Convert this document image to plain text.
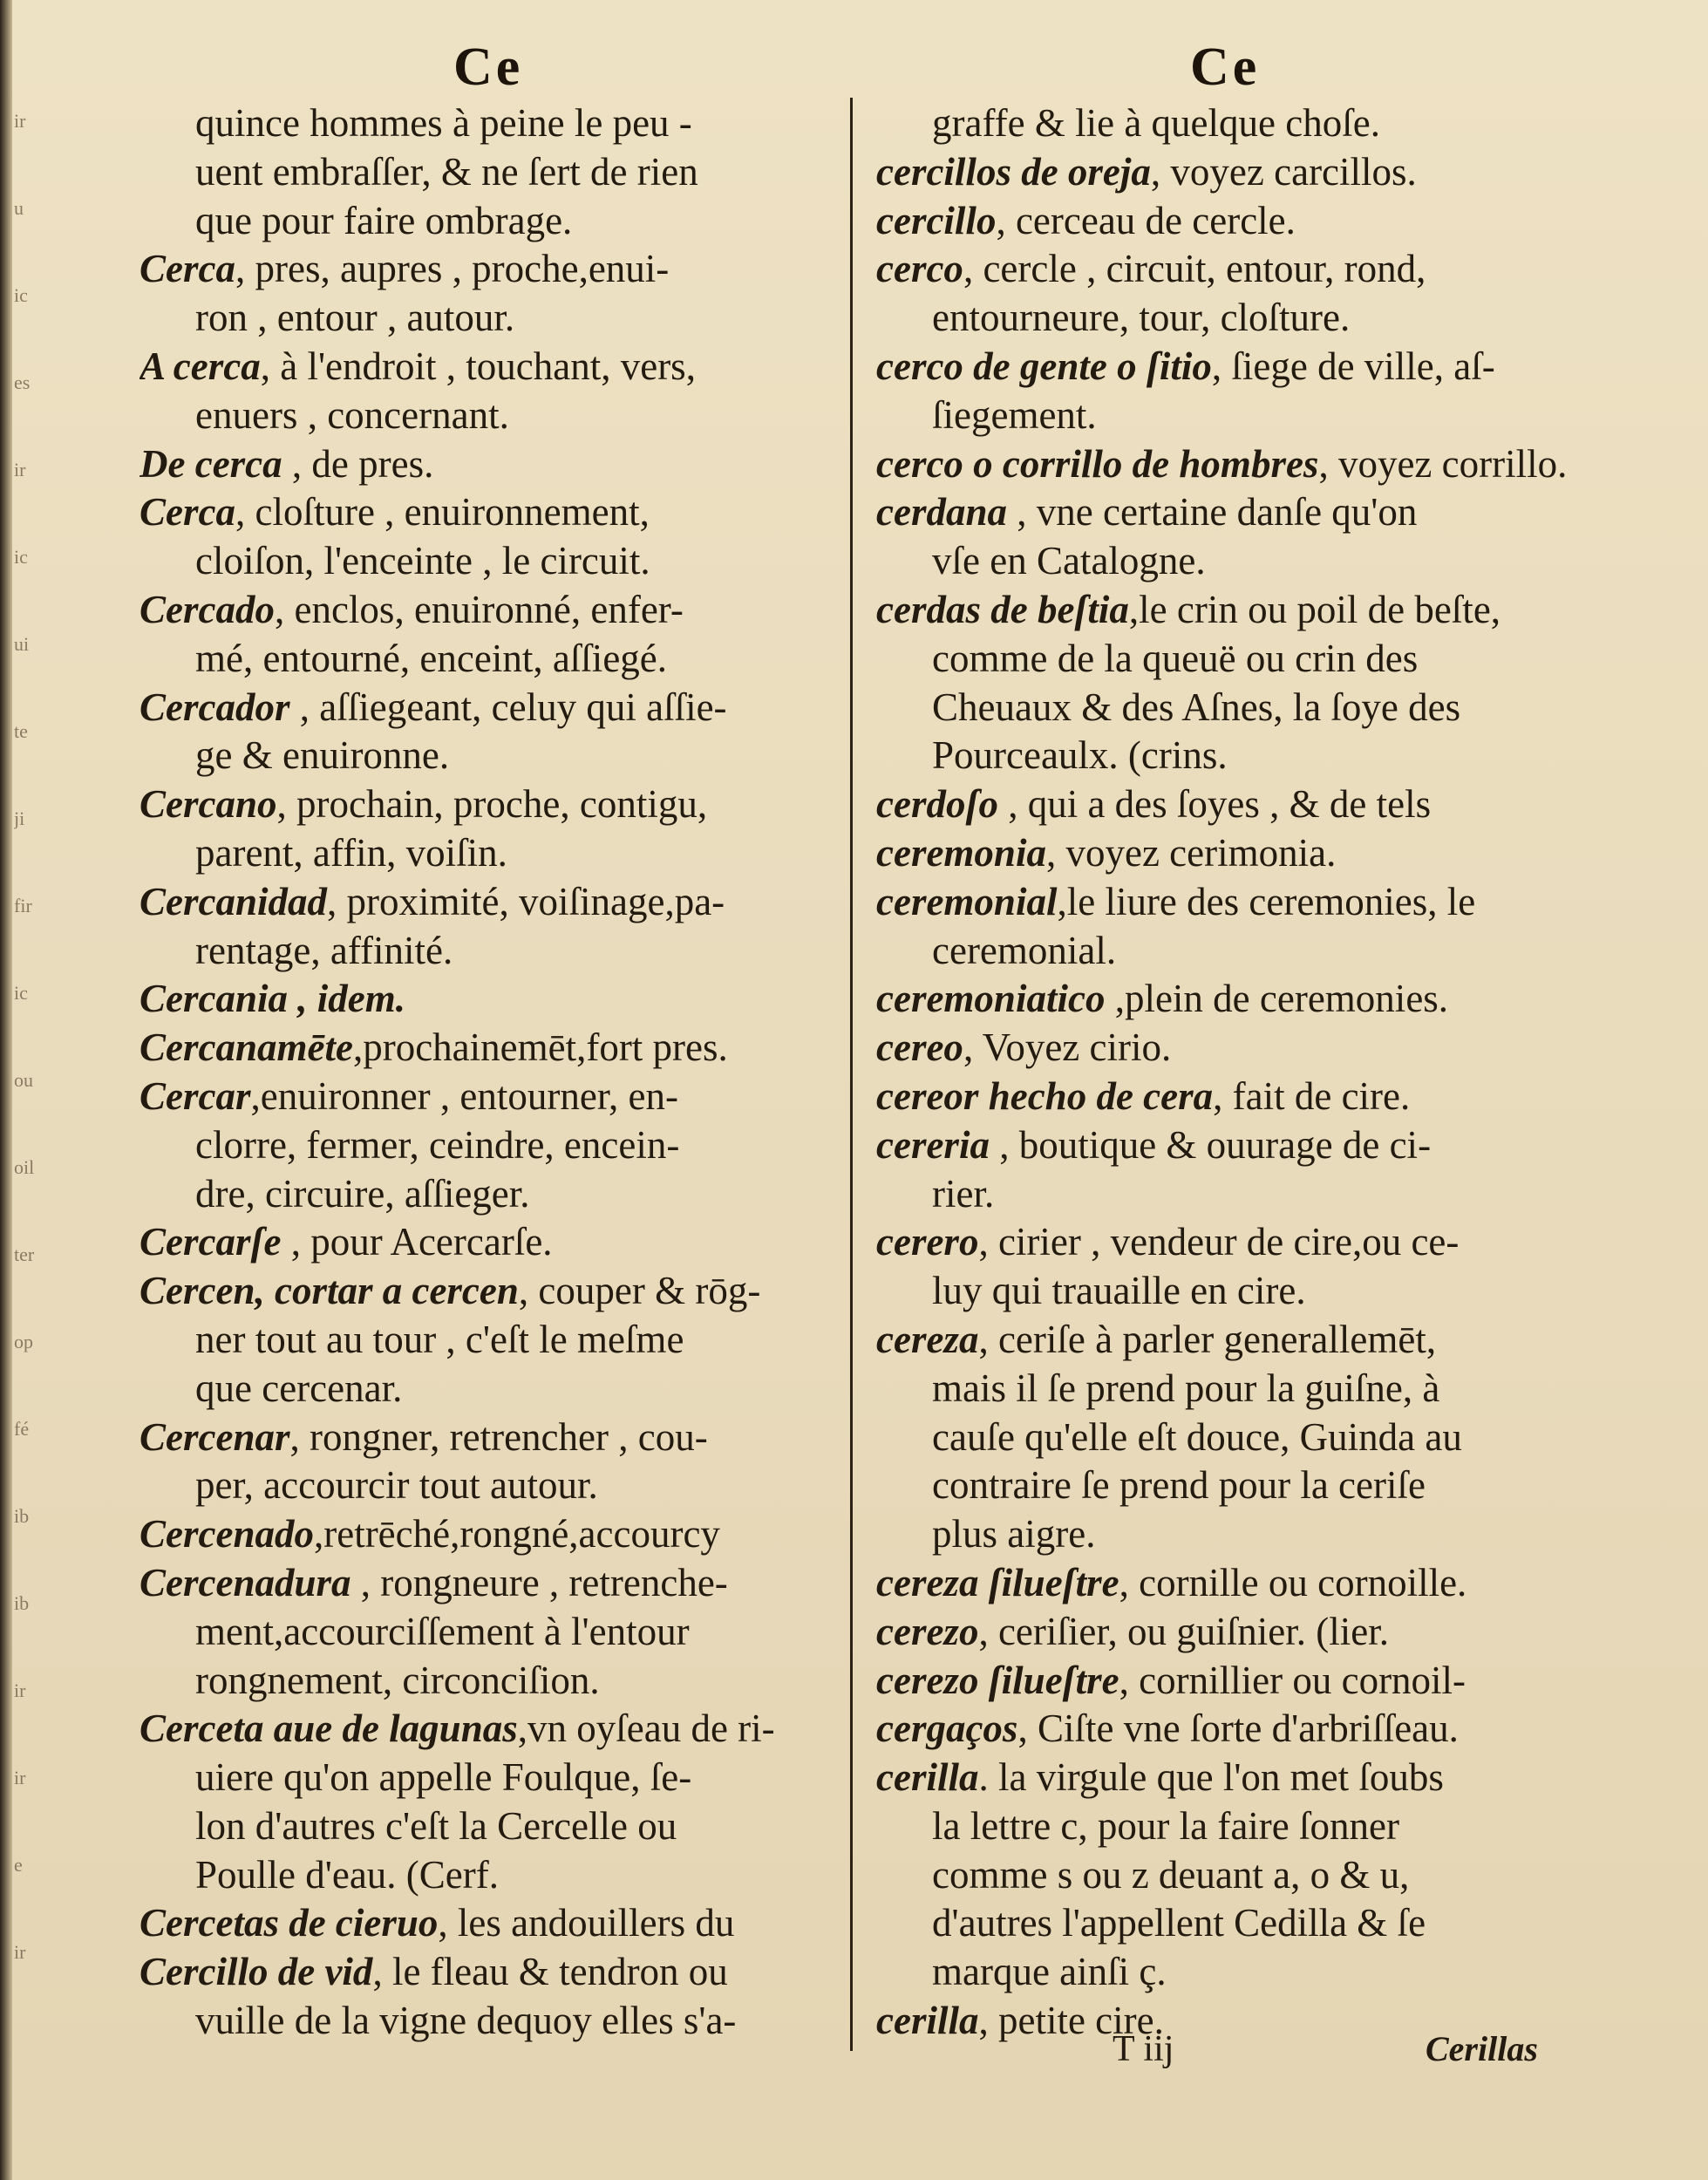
ir
u
ic
es
ir
ic
ui
te
ji
fir
ic
ou
oil
ter
op
fé
ib
ib
ir
ir
e
ir
Ce	Ce
quince hommes à peine le peu -
uent embraſſer, & ne ſert de rien
que pour faire ombrage.
Cerca, pres, aupres , proche,enui-
ron , entour , autour.
A cerca, à l'endroit , touchant, vers,
enuers , concernant.
De cerca , de pres.
Cerca, cloſture , enuironnement,
cloiſon, l'enceinte , le circuit.
Cercado, enclos, enuironné, enfer-
mé, entourné, enceint, aſſiegé.
Cercador , aſſiegeant, celuy qui aſſie-
ge & enuironne.
Cercano, prochain, proche, contigu,
parent, affin, voiſin.
Cercanidad, proximité, voiſinage,pa-
rentage, affinité.
Cercania , idem.
Cercanamēte,prochainemēt,fort pres.
Cercar,enuironner , entourner, en-
clorre, fermer, ceindre, encein-
dre, circuire, aſſieger.
Cercarſe , pour Acercarſe.
Cercen, cortar a cercen, couper & rōg-
ner tout au tour , c'eſt le meſme
que cercenar.
Cercenar, rongner, retrencher , cou-
per, accourcir tout autour.
Cercenado,retrēché,rongné,accourcy
Cercenadura , rongneure , retrenche-
ment,accourciſſement à l'entour
rongnement, circonciſion.
Cerceta aue de lagunas,vn oyſeau de ri-
uiere qu'on appelle Foulque, ſe-
lon d'autres c'eſt la Cercelle ou
Poulle d'eau. (Cerf.
Cercetas de cieruo, les andouillers du
Cercillo de vid, le fleau & tendron ou
vuille de la vigne dequoy elles s'a-
graffe & lie à quelque choſe.
cercillos de oreja, voyez carcillos.
cercillo, cerceau de cercle.
cerco, cercle , circuit, entour, rond,
entourneure, tour, cloſture.
cerco de gente o ſitio, ſiege de ville, aſ-
ſiegement.
cerco o corrillo de hombres, voyez corrillo.
cerdana , vne certaine danſe qu'on
vſe en Catalogne.
cerdas de beſtia,le crin ou poil de beſte,
comme de la queuë ou crin des
Cheuaux & des Aſnes, la ſoye des
Pourceaulx. (crins.
cerdoſo , qui a des ſoyes , & de tels
ceremonia, voyez cerimonia.
ceremonial,le liure des ceremonies, le
ceremonial.
ceremoniatico ,plein de ceremonies.
cereo, Voyez cirio.
cereor hecho de cera, fait de cire.
cereria , boutique & ouurage de ci-
rier.
cerero, cirier , vendeur de cire,ou ce-
luy qui trauaille en cire.
cereza, ceriſe à parler generallemēt,
mais il ſe prend pour la guiſne, à
cauſe qu'elle eſt douce, Guinda au
contraire ſe prend pour la ceriſe
plus aigre.
cereza ſilueſtre, cornille ou cornoille.
cerezo, ceriſier, ou guiſnier. (lier.
cerezo ſilueſtre, cornillier ou cornoil-
cergaços, Ciſte vne ſorte d'arbriſſeau.
cerilla. la virgule que l'on met ſoubs
la lettre c, pour la faire ſonner
comme s ou z deuant a, o & u,
d'autres l'appellent Cedilla & ſe
marque ainſi ç.
cerilla, petite cire.
T iij	Cerillas
